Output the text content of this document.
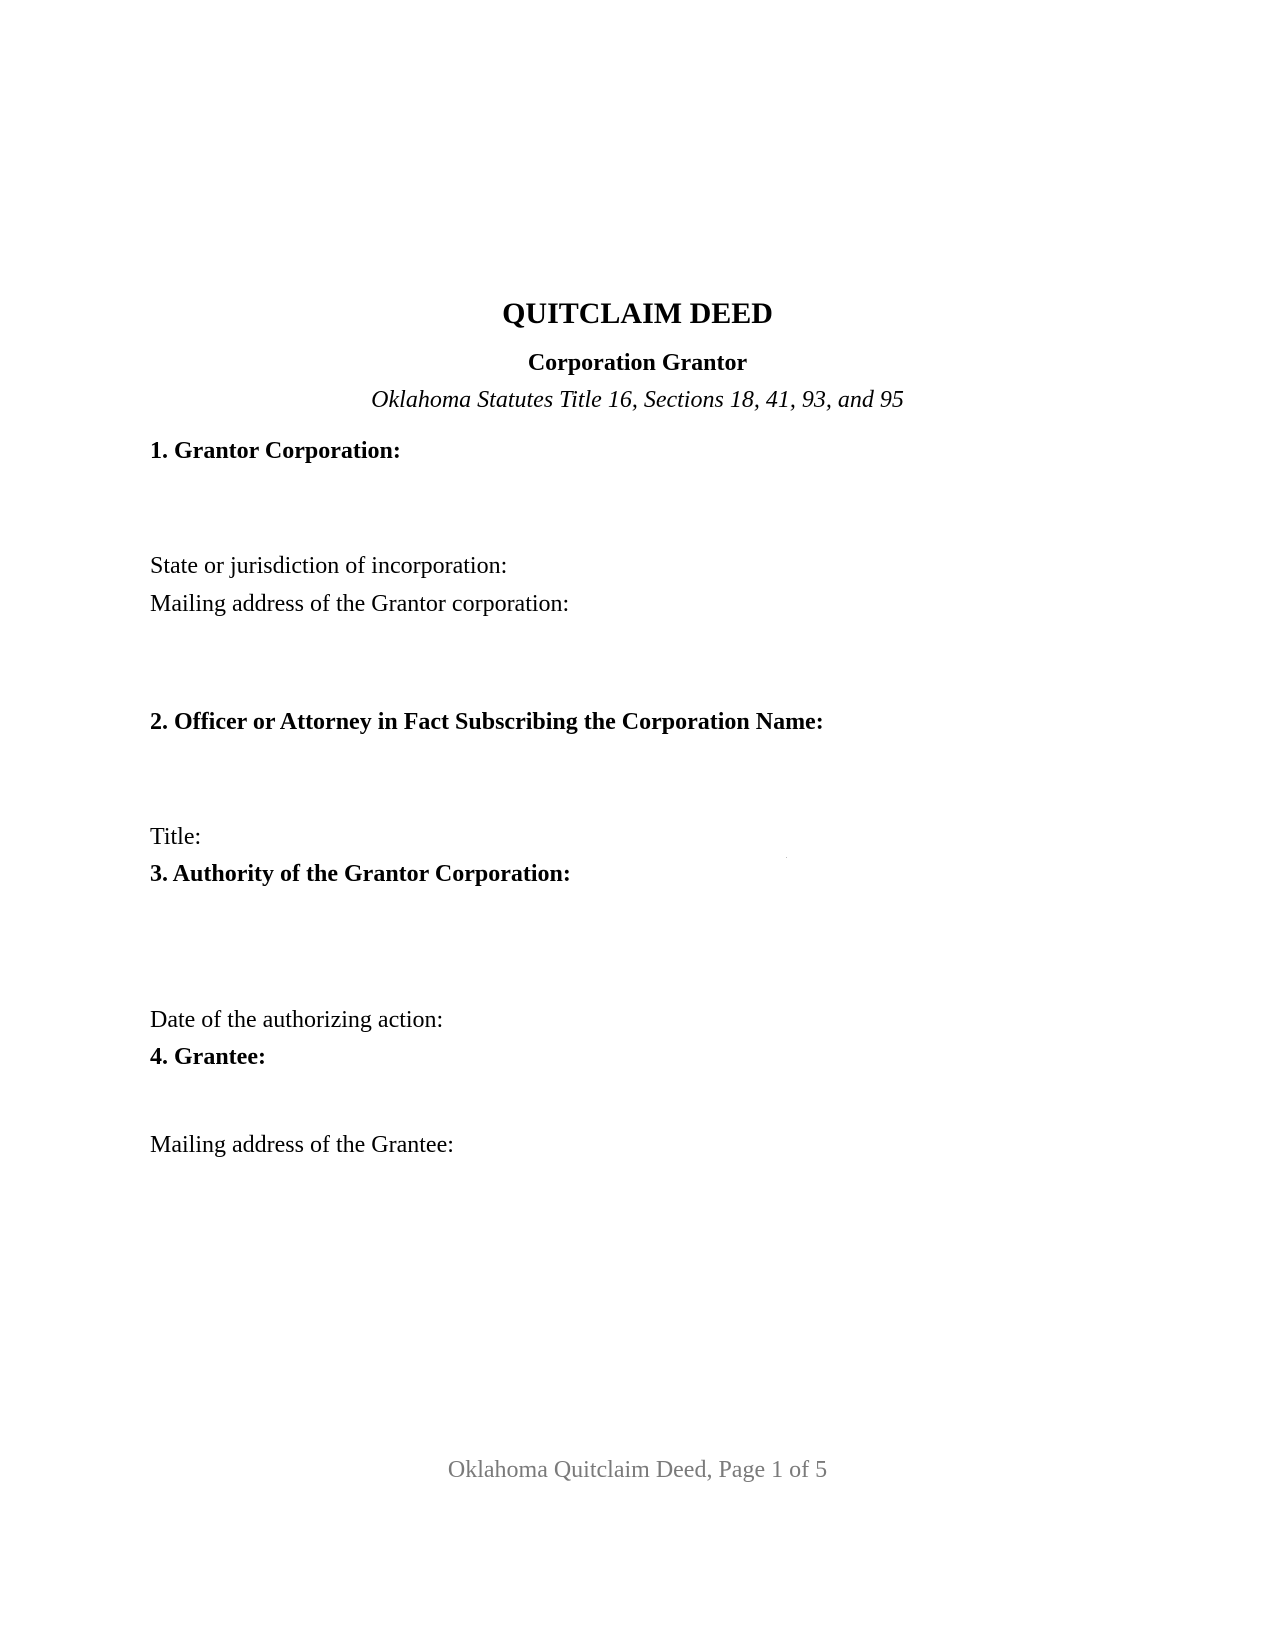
QUITCLAIM DEED
Corporation Grantor
Oklahoma Statutes Title 16, Sections 18, 41, 93, and 95
1. Grantor Corporation:
State or jurisdiction of incorporation:
Mailing address of the Grantor corporation:
2. Officer or Attorney in Fact Subscribing the Corporation Name:
Title:
3. Authority of the Grantor Corporation:
Date of the authorizing action:
4. Grantee:
Mailing address of the Grantee:
Oklahoma Quitclaim Deed, Page 1 of 5
